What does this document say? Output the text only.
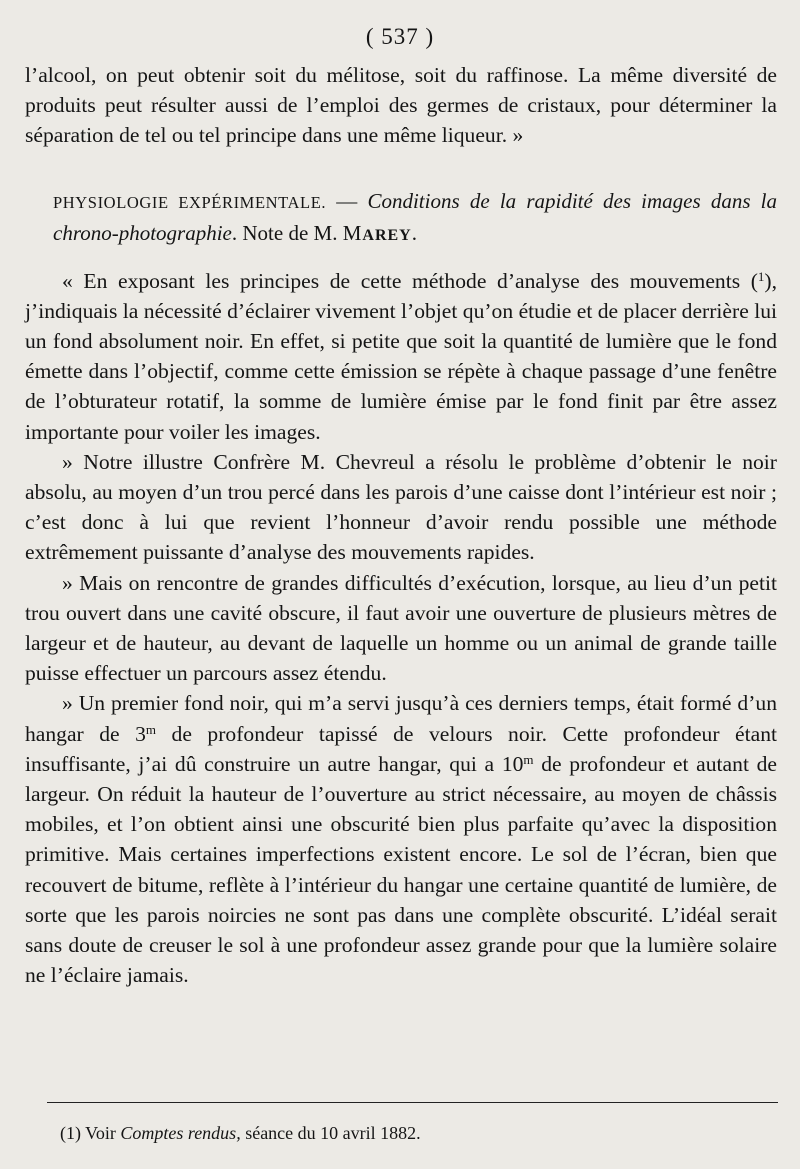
( 537 )

l’alcool, on peut obtenir soit du mélitose, soit du raffinose. La même diversité de produits peut résulter aussi de l’emploi des germes de cristaux, pour déterminer la séparation de tel ou tel principe dans une même liqueur. »

PHYSIOLOGIE EXPÉRIMENTALE. — Conditions de la rapidité des images dans la chrono-photographie. Note de M. MAREY.

« En exposant les principes de cette méthode d’analyse des mouvements ($^1$), j’indiquais la nécessité d’éclairer vivement l’objet qu’on étudie et de placer derrière lui un fond absolument noir. En effet, si petite que soit la quantité de lumière que le fond émette dans l’objectif, comme cette émission se répète à chaque passage d’une fenêtre de l’obturateur rotatif, la somme de lumière émise par le fond finit par être assez importante pour voiler les images.

» Notre illustre Confrère M. Chevreul a résolu le problème d’obtenir le noir absolu, au moyen d’un trou percé dans les parois d’une caisse dont l’intérieur est noir ; c’est donc à lui que revient l’honneur d’avoir rendu possible une méthode extrêmement puissante d’analyse des mouvements rapides.

» Mais on rencontre de grandes difficultés d’exécution, lorsque, au lieu d’un petit trou ouvert dans une cavité obscure, il faut avoir une ouverture de plusieurs mètres de largeur et de hauteur, au devant de laquelle un homme ou un animal de grande taille puisse effectuer un parcours assez étendu.

» Un premier fond noir, qui m’a servi jusqu’à ces derniers temps, était formé d’un hangar de 3$^m$ de profondeur tapissé de velours noir. Cette profondeur étant insuffisante, j’ai dû construire un autre hangar, qui a 10$^m$ de profondeur et autant de largeur. On réduit la hauteur de l’ouverture au strict nécessaire, au moyen de châssis mobiles, et l’on obtient ainsi une obscurité bien plus parfaite qu’avec la disposition primitive. Mais certaines imperfections existent encore. Le sol de l’écran, bien que recouvert de bitume, reflète à l’intérieur du hangar une certaine quantité de lumière, de sorte que les parois noircies ne sont pas dans une complète obscurité. L’idéal serait sans doute de creuser le sol à une profondeur assez grande pour que la lumière solaire ne l’éclaire jamais.

(1) Voir Comptes rendus, séance du 10 avril 1882.
